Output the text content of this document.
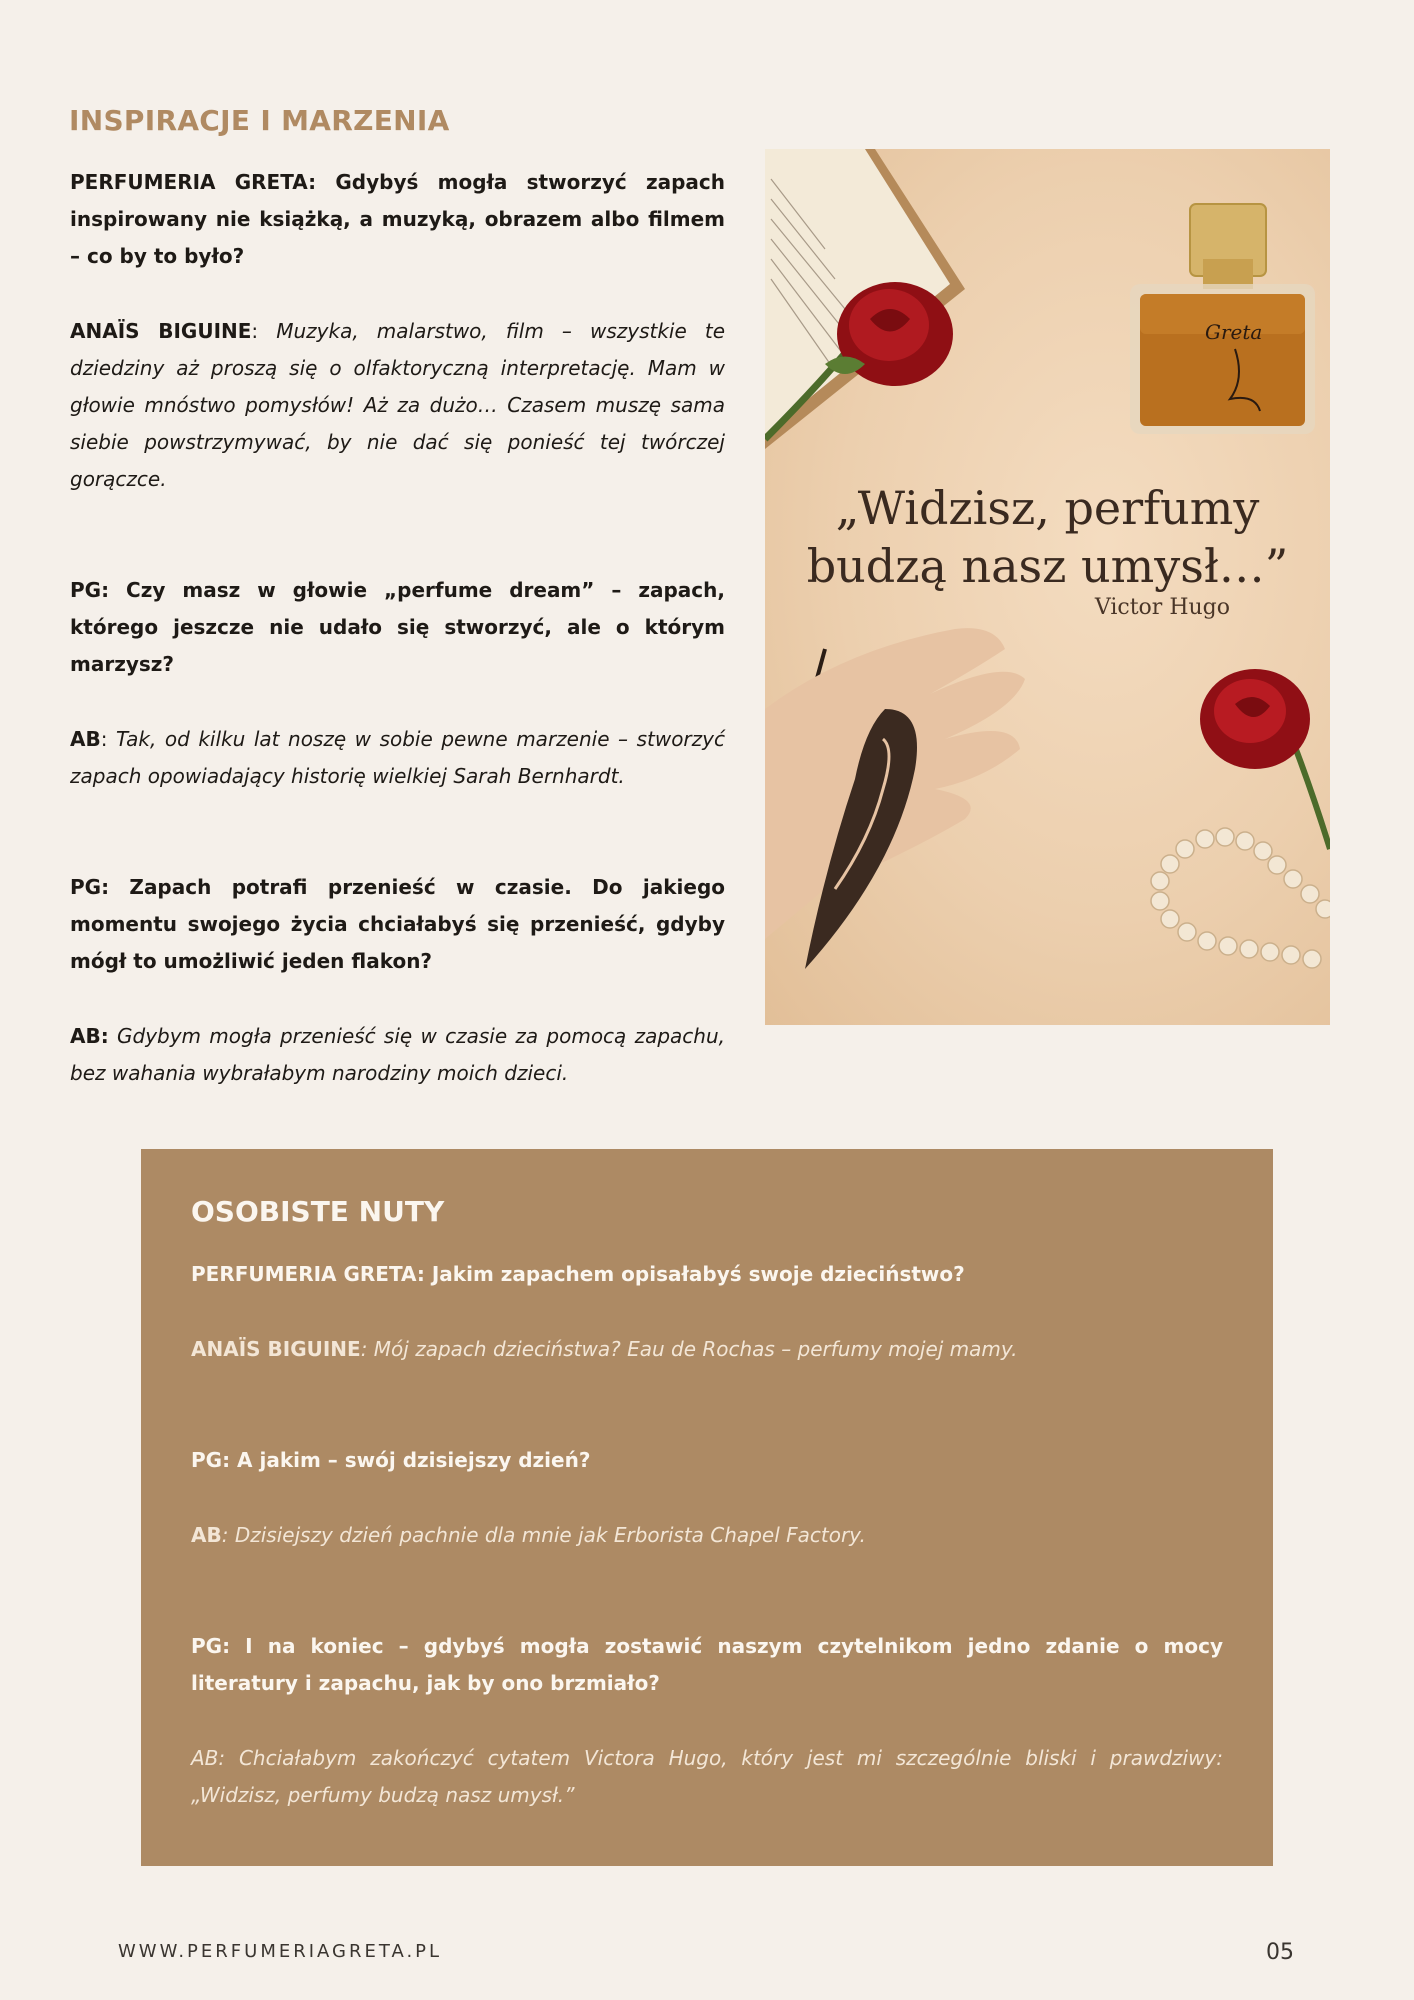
INSPIRACJE I MARZENIA

PERFUMERIA GRETA: Gdybyś mogła stworzyć zapach inspirowany nie książką, a muzyką, obrazem albo filmem – co by to było?

ANAÏS BIGUINE: Muzyka, malarstwo, film – wszystkie te dziedziny aż proszą się o olfaktoryczną interpretację. Mam w głowie mnóstwo pomysłów! Aż za dużo… Czasem muszę sama siebie powstrzymywać, by nie dać się ponieść tej twórczej gorączce.

PG: Czy masz w głowie „perfume dream” – zapach, którego jeszcze nie udało się stworzyć, ale o którym marzysz?

AB: Tak, od kilku lat noszę w sobie pewne marzenie – stworzyć zapach opowiadający historię wielkiej Sarah Bernhardt.

PG: Zapach potrafi przenieść w czasie. Do jakiego momentu swojego życia chciałabyś się przenieść, gdyby mógł to umożliwić jeden flakon?

AB: Gdybym mogła przenieść się w czasie za pomocą zapachu, bez wahania wybrałabym narodziny moich dzieci.

Greta
„Widzisz, perfumy
budzą nasz umysł…”
Victor Hugo
OSOBISTE NUTY

PERFUMERIA GRETA: Jakim zapachem opisałabyś swoje dzieciństwo?

ANAÏS BIGUINE: Mój zapach dzieciństwa? Eau de Rochas – perfumy mojej mamy.

PG: A jakim – swój dzisiejszy dzień?

AB: Dzisiejszy dzień pachnie dla mnie jak Erborista Chapel Factory.

PG: I na koniec – gdybyś mogła zostawić naszym czytelnikom jedno zdanie o mocy literatury i zapachu, jak by ono brzmiało?

AB: Chciałabym zakończyć cytatem Victora Hugo, który jest mi szczególnie bliski i prawdziwy: „Widzisz, perfumy budzą nasz umysł.”

WWW.PERFUMERIAGRETA.PL	05
